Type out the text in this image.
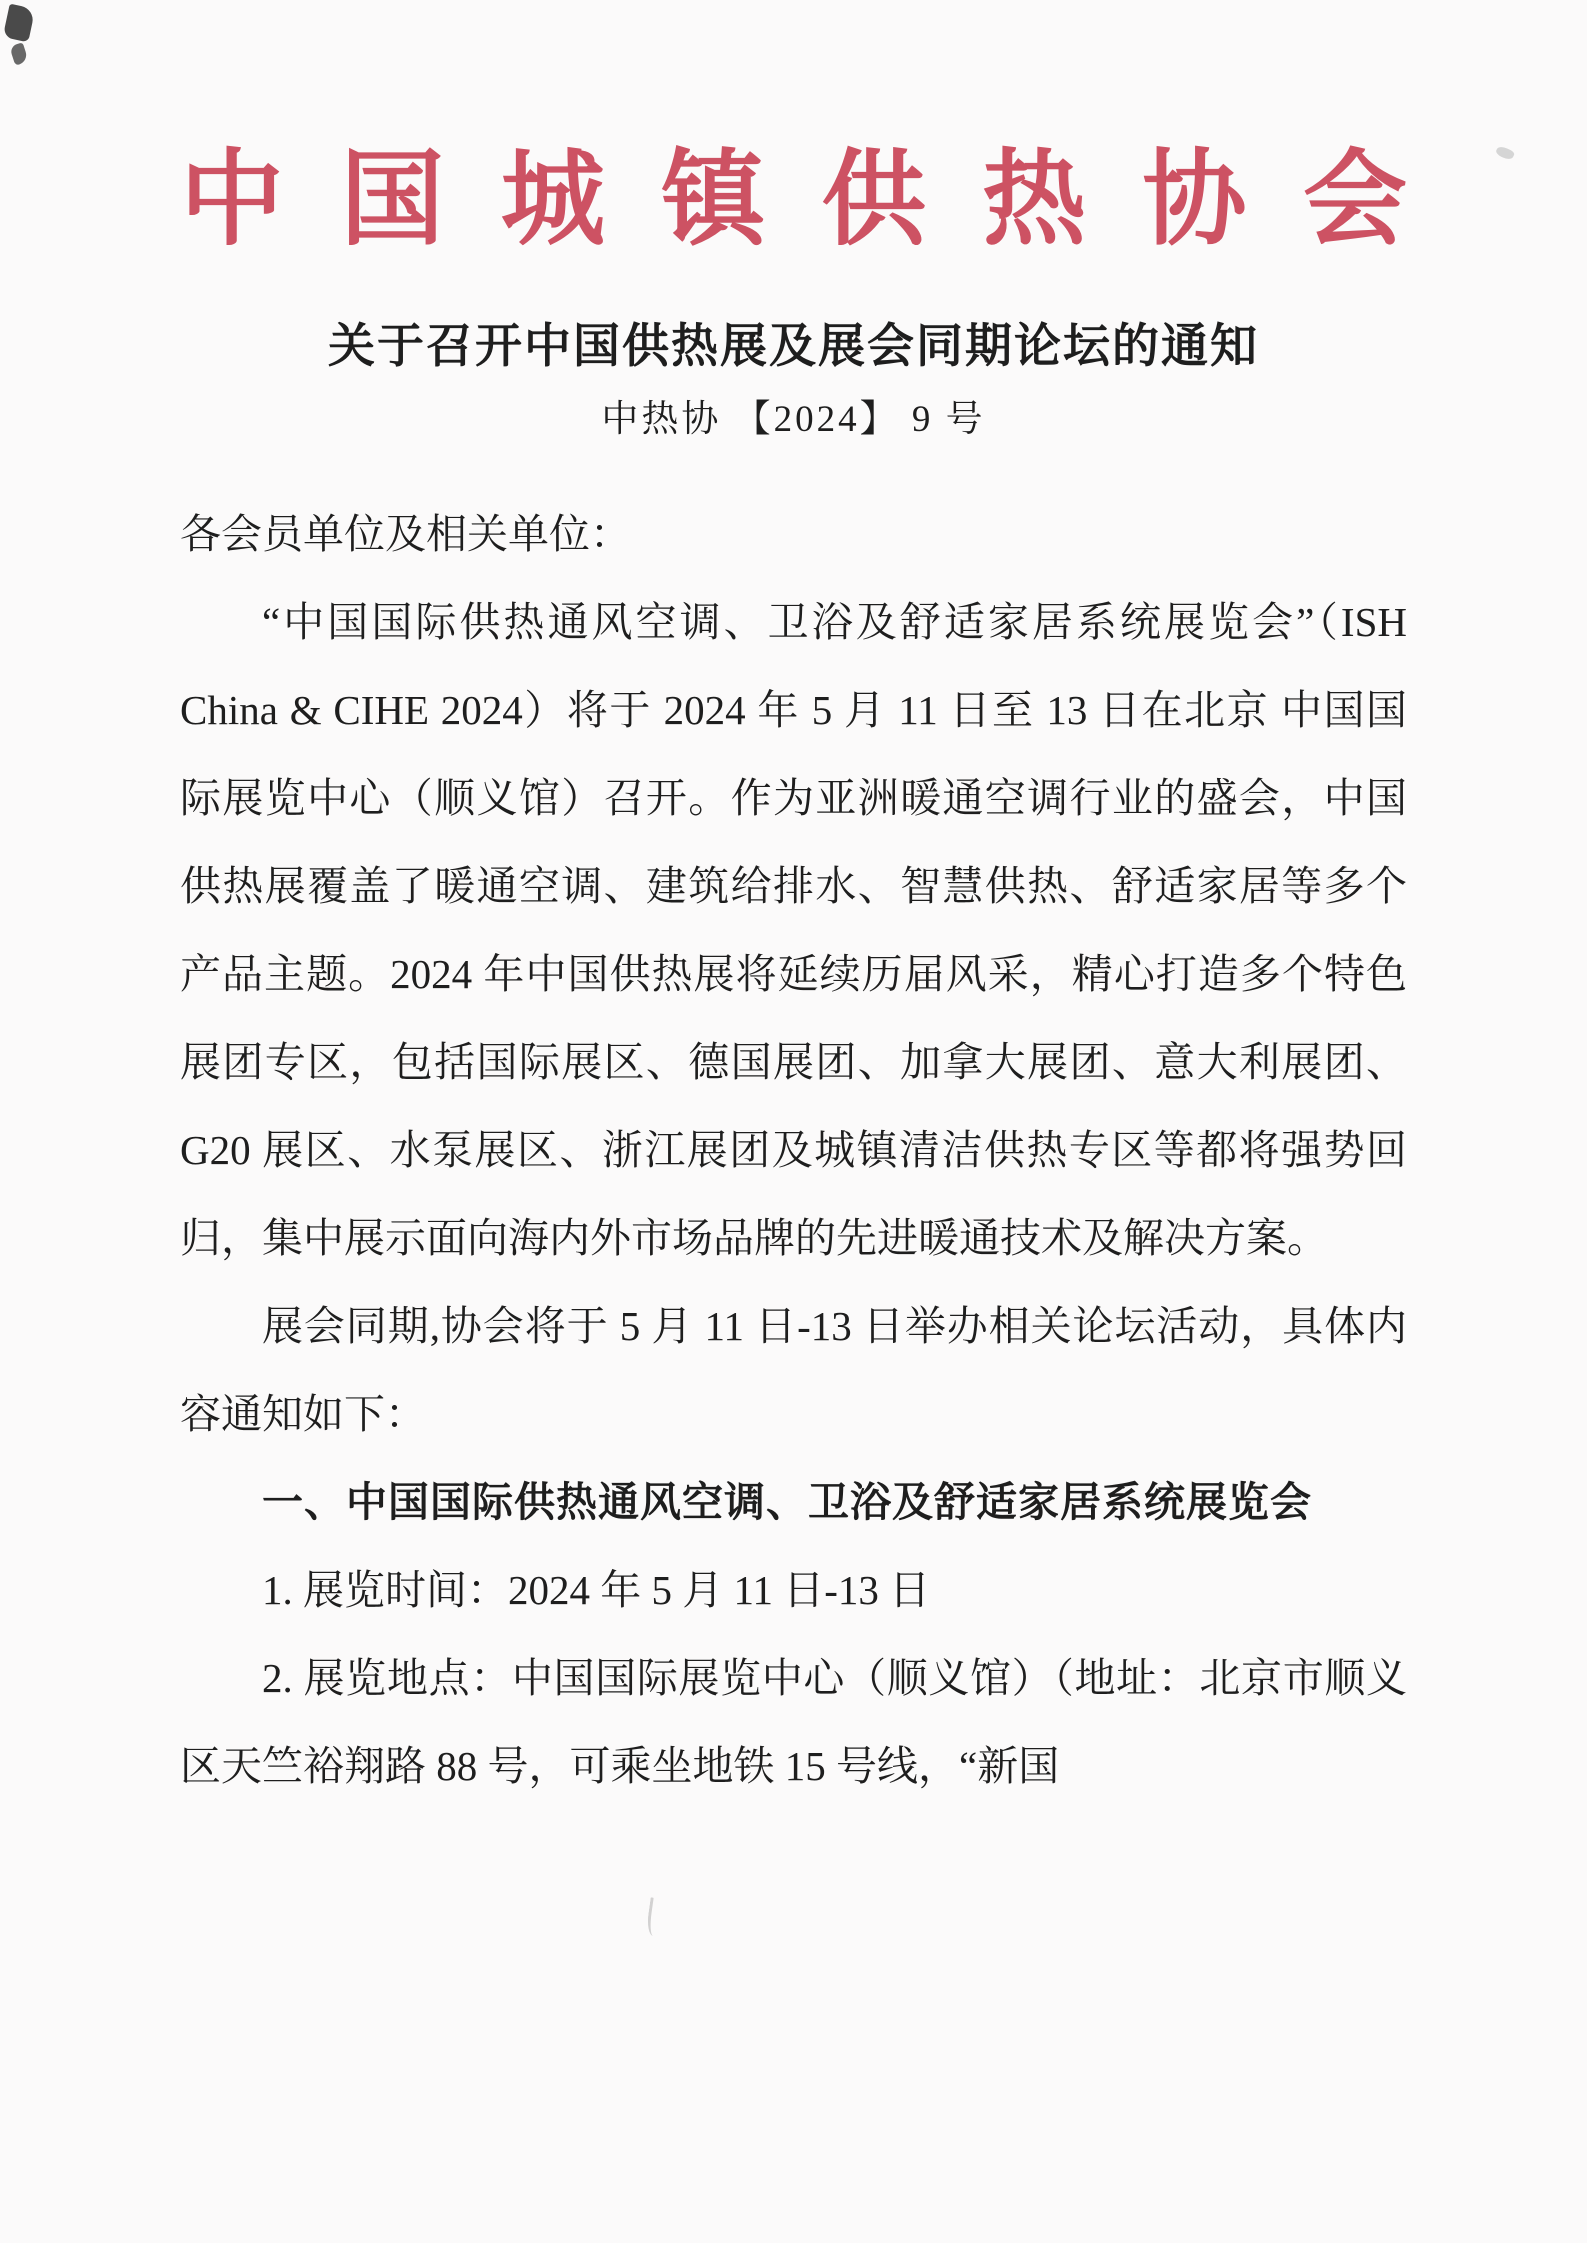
中 国 城 镇 供 热 协 会
关于召开中国供热展及展会同期论坛的通知
中热协 【2024】 9 号

各会员单位及相关单位：

“中国国际供热通风空调、卫浴及舒适家居系统展览会”（ISH China & CIHE 2024）将于 2024 年 5 月 11 日至 13 日在北京 中国国际展览中心（顺义馆）召开。作为亚洲暖通空调行业的盛会，中国供热展覆盖了暖通空调、建筑给排水、智慧供热、舒适家居等多个产品主题。2024 年中国供热展将延续历届风采，精心打造多个特色展团专区，包括国际展区、德国展团、加拿大展团、意大利展团、 G20 展区、水泵展区、浙江展团及城镇清洁供热专区等都将强势回归，集中展示面向海内外市场品牌的先进暖通技术及解决方案。

展会同期,协会将于 5 月 11 日-13 日举办相关论坛活动，具体内容通知如下：

一、中国国际供热通风空调、卫浴及舒适家居系统展览会

1. 展览时间：2024 年 5 月 11 日-13 日

2. 展览地点：中国国际展览中心（顺义馆）（地址：北京市顺义区天竺裕翔路 88 号，可乘坐地铁 15 号线，“新国
